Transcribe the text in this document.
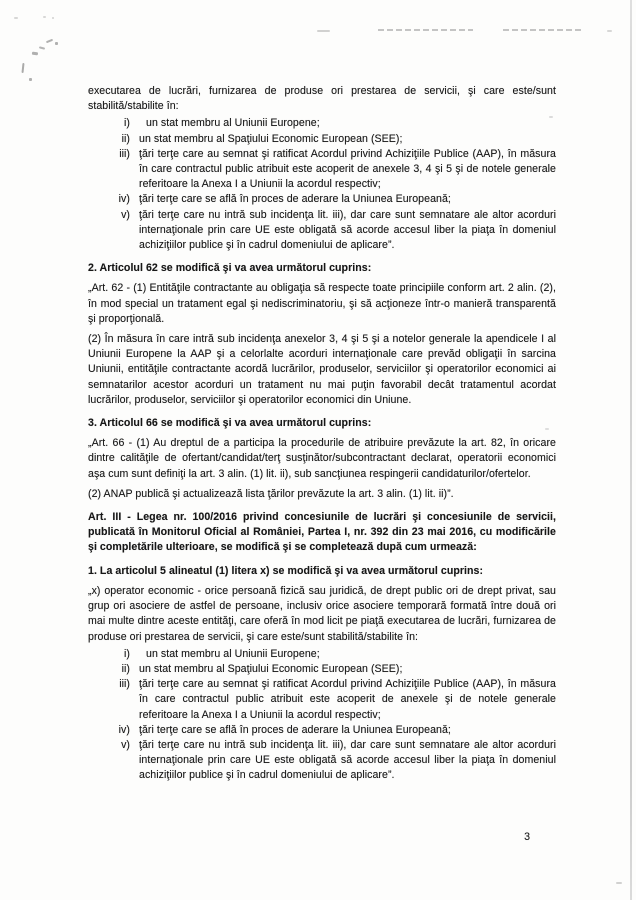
executarea de lucrări, furnizarea de produse ori prestarea de servicii, şi care este/sunt stabilită/stabilite în:

i)	un stat membru al Uniunii Europene;
ii) un stat membru al Spaţiului Economic European (SEE);
iii) ţări terţe care au semnat şi ratificat Acordul privind Achiziţiile Publice (AAP), în măsura în care contractul public atribuit este acoperit de anexele 3, 4 şi 5 şi de notele generale referitoare la Anexa I a Uniunii la acordul respectiv;
iv) ţări terţe care se află în proces de aderare la Uniunea Europeană;
v) ţări terţe care nu intră sub incidenţa lit. iii), dar care sunt semnatare ale altor acorduri internaţionale prin care UE este obligată să acorde accesul liber la piaţa în domeniul achiziţiilor publice şi în cadrul domeniului de aplicare”.

2. Articolul 62 se modifică şi va avea următorul cuprins:

„Art. 62 - (1) Entităţile contractante au obligaţia să respecte toate principiile conform art. 2 alin. (2), în mod special un tratament egal şi nediscriminatoriu, şi să acţioneze într-o manieră transparentă şi proporţională.

(2) În măsura în care intră sub incidenţa anexelor 3, 4 şi 5 şi a notelor generale la apendicele I al Uniunii Europene la AAP şi a celorlalte acorduri internaţionale care prevăd obligaţii în sarcina Uniunii, entităţile contractante acordă lucrărilor, produselor, serviciilor şi operatorilor economici ai semnatarilor acestor acorduri un tratament nu mai puţin favorabil decât tratamentul acordat lucrărilor, produselor, serviciilor şi operatorilor economici din Uniune.

3. Articolul 66 se modifică şi va avea următorul cuprins:

„Art. 66 - (1) Au dreptul de a participa la procedurile de atribuire prevăzute la art. 82, în oricare dintre calităţile de ofertant/candidat/terţ susţinător/subcontractant declarat, operatorii economici aşa cum sunt definiţi la art. 3 alin. (1) lit. ii), sub sancţiunea respingerii candidaturilor/ofertelor.

(2) ANAP publică şi actualizează lista ţărilor prevăzute la art. 3 alin. (1) lit. ii)”.

Art. III - Legea nr. 100/2016 privind concesiunile de lucrări şi concesiunile de servicii, publicată în Monitorul Oficial al României, Partea I, nr. 392 din 23 mai 2016, cu modificările şi completările ulterioare, se modifică şi se completează după cum urmează:

1. La articolul 5 alineatul (1) litera x) se modifică şi va avea următorul cuprins:

„x) operator economic - orice persoană fizică sau juridică, de drept public ori de drept privat, sau grup ori asociere de astfel de persoane, inclusiv orice asociere temporară formată între două ori mai multe dintre aceste entităţi, care oferă în mod licit pe piaţă executarea de lucrări, furnizarea de produse ori prestarea de servicii, şi care este/sunt stabilită/stabilite în:

i)	un stat membru al Uniunii Europene;
ii) un stat membru al Spaţiului Economic European (SEE);
iii) ţări terţe care au semnat şi ratificat Acordul privind Achiziţiile Publice (AAP), în măsura în care contractul public atribuit este acoperit de anexele şi de notele generale referitoare la Anexa I a Uniunii la acordul respectiv;
iv) ţări terţe care se află în proces de aderare la Uniunea Europeană;
v) ţări terţe care nu intră sub incidenţa lit. iii), dar care sunt semnatare ale altor acorduri internaţionale prin care UE este obligată să acorde accesul liber la piaţa în domeniul achiziţiilor publice şi în cadrul domeniului de aplicare”.
3
